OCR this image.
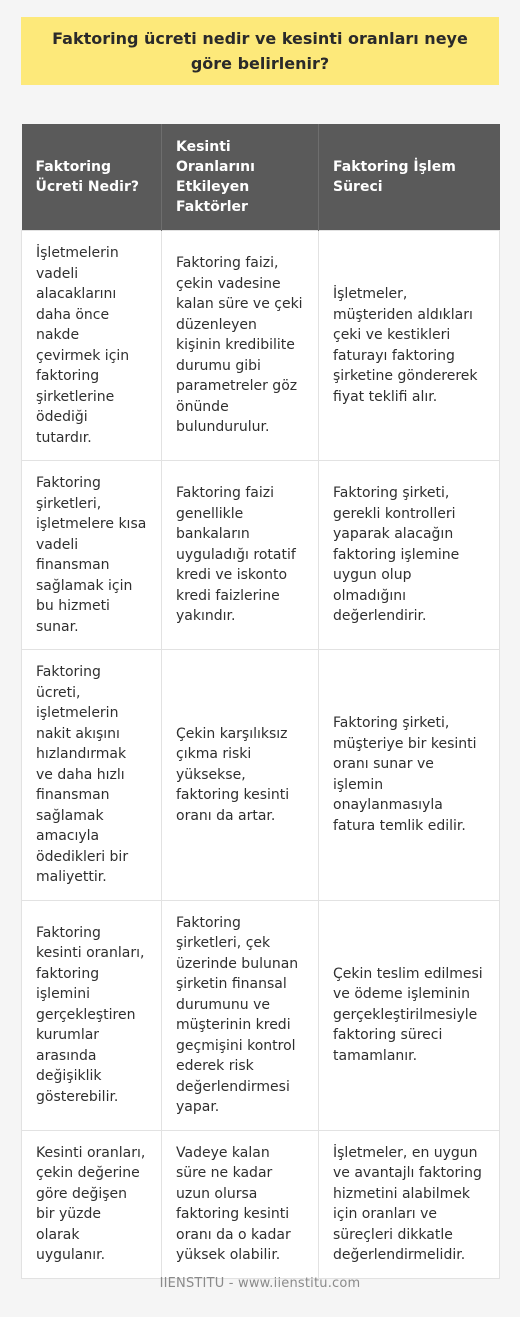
Faktoring ücreti nedir ve kesinti oranları neye göre belirlenir?
Faktoring Ücreti Nedir?	Kesinti Oranlarını Etkileyen Faktörler	Faktoring İşlem Süreci
İşletmelerin vadeli alacaklarını daha önce nakde çevirmek için faktoring şirketlerine ödediği tutardır.	Faktoring faizi, çekin vadesine kalan süre ve çeki düzenleyen kişinin kredibilite durumu gibi parametreler göz önünde bulundurulur.	İşletmeler, müşteriden aldıkları çeki ve kestikleri faturayı faktoring şirketine göndererek fiyat teklifi alır.
Faktoring şirketleri, işletmelere kısa vadeli finansman sağlamak için bu hizmeti sunar.	Faktoring faizi genellikle bankaların uyguladığı rotatif kredi ve iskonto kredi faizlerine yakındır.	Faktoring şirketi, gerekli kontrolleri yaparak alacağın faktoring işlemine uygun olup olmadığını değerlendirir.
Faktoring ücreti, işletmelerin nakit akışını hızlandırmak ve daha hızlı finansman sağlamak amacıyla ödedikleri bir maliyettir.	Çekin karşılıksız çıkma riski yüksekse, faktoring kesinti oranı da artar.	Faktoring şirketi, müşteriye bir kesinti oranı sunar ve işlemin onaylanmasıyla fatura temlik edilir.
Faktoring kesinti oranları, faktoring işlemini gerçekleştiren kurumlar arasında değişiklik gösterebilir.	Faktoring şirketleri, çek üzerinde bulunan şirketin finansal durumunu ve müşterinin kredi geçmişini kontrol ederek risk değerlendirmesi yapar.	Çekin teslim edilmesi ve ödeme işleminin gerçekleştirilmesiyle faktoring süreci tamamlanır.
Kesinti oranları, çekin değerine göre değişen bir yüzde olarak uygulanır.	Vadeye kalan süre ne kadar uzun olursa faktoring kesinti oranı da o kadar yüksek olabilir.	İşletmeler, en uygun ve avantajlı faktoring hizmetini alabilmek için oranları ve süreçleri dikkatle değerlendirmelidir.
IIENSTITU - www.iienstitu.com
